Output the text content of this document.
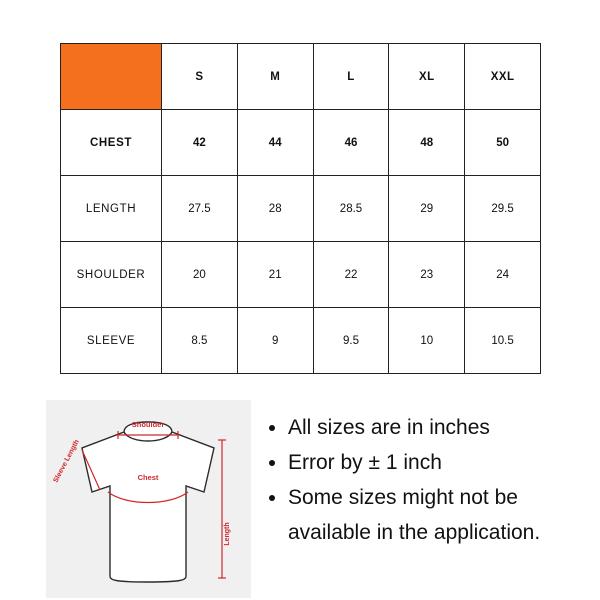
	S	M	L	XL	XXL
CHEST	42	44	46	48	50
LENGTH	27.5	28	28.5	29	29.5
SHOULDER	20	21	22	23	24
SLEEVE	8.5	9	9.5	10	10.5
Shoulder
Sleeve Length	Chest
Length
• All sizes are in inches
• Error by ± 1 inch
• Some sizes might not be available in the application.
